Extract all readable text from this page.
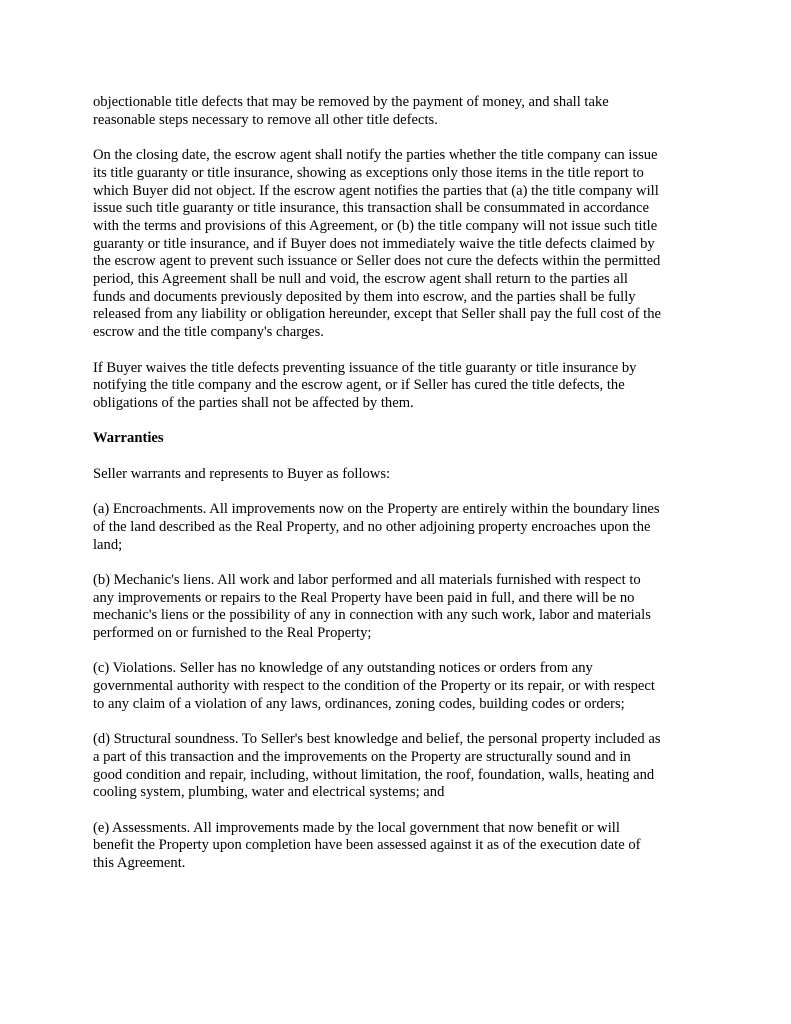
objectionable title defects that may be removed by the payment of money, and shall take
reasonable steps necessary to remove all other title defects.

On the closing date, the escrow agent shall notify the parties whether the title company can issue
its title guaranty or title insurance, showing as exceptions only those items in the title report to
which Buyer did not object. If the escrow agent notifies the parties that (a) the title company will
issue such title guaranty or title insurance, this transaction shall be consummated in accordance
with the terms and provisions of this Agreement, or (b) the title company will not issue such title
guaranty or title insurance, and if Buyer does not immediately waive the title defects claimed by
the escrow agent to prevent such issuance or Seller does not cure the defects within the permitted
period, this Agreement shall be null and void, the escrow agent shall return to the parties all
funds and documents previously deposited by them into escrow, and the parties shall be fully
released from any liability or obligation hereunder, except that Seller shall pay the full cost of the
escrow and the title company's charges.

If Buyer waives the title defects preventing issuance of the title guaranty or title insurance by
notifying the title company and the escrow agent, or if Seller has cured the title defects, the
obligations of the parties shall not be affected by them.

Warranties

Seller warrants and represents to Buyer as follows:

(a) Encroachments. All improvements now on the Property are entirely within the boundary lines
of the land described as the Real Property, and no other adjoining property encroaches upon the
land;

(b) Mechanic's liens. All work and labor performed and all materials furnished with respect to
any improvements or repairs to the Real Property have been paid in full, and there will be no
mechanic's liens or the possibility of any in connection with any such work, labor and materials
performed on or furnished to the Real Property;

(c) Violations. Seller has no knowledge of any outstanding notices or orders from any
governmental authority with respect to the condition of the Property or its repair, or with respect
to any claim of a violation of any laws, ordinances, zoning codes, building codes or orders;

(d) Structural soundness. To Seller's best knowledge and belief, the personal property included as
a part of this transaction and the improvements on the Property are structurally sound and in
good condition and repair, including, without limitation, the roof, foundation, walls, heating and
cooling system, plumbing, water and electrical systems; and

(e) Assessments. All improvements made by the local government that now benefit or will
benefit the Property upon completion have been assessed against it as of the execution date of
this Agreement.
